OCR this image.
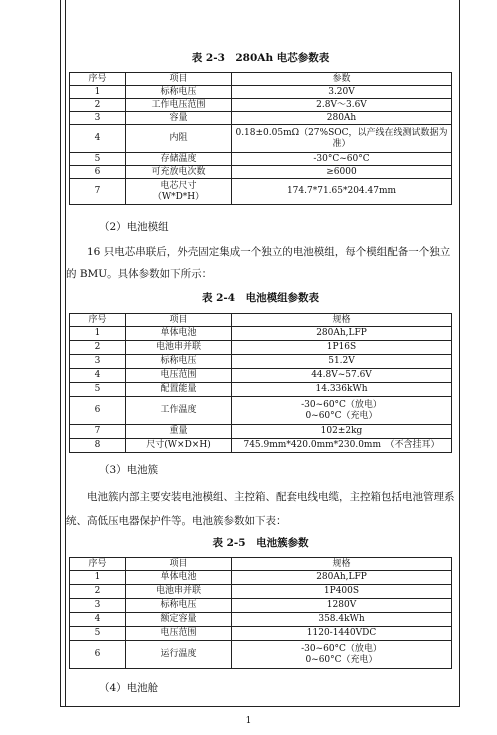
表 2-3　280Ah 电芯参数表
序号	项目	参数
1	标称电压	3.20V
2	工作电压范围	2.8V～3.6V
3	容量	280Ah
4	内阻	0.18±0.05mΩ（27%SOC，以产线在线测试数据为准）
5	存储温度	-30°C~60°C
6	可充放电次数	≥6000
7	电芯尺寸（W*D*H）	174.7*71.65*204.47mm
（2）电池模组
16 只电芯串联后，外壳固定集成一个独立的电池模组，每个模组配备一个独立的 BMU。具体参数如下所示：
表 2-4　电池模组参数表
序号	项目	规格
1	单体电池	280Ah,LFP
2	电池串并联	1P16S
3	标称电压	51.2V
4	电压范围	44.8V~57.6V
5	配置能量	14.336kWh
6	工作温度	-30~60°C（放电）
0~60°C（充电）

7	重量	102±2kg
8	尺寸(W×D×H)	745.9mm*420.0mm*230.0mm　（不含挂耳）
（3）电池簇
电池簇内部主要安装电池模组、主控箱、配套电线电缆，主控箱包括电池管理系统、高低压电器保护件等。电池簇参数如下表：
表 2-5　电池簇参数
序号	项目	规格
1	单体电池	280Ah,LFP
2	电池串并联	1P400S
3	标称电压	1280V
4	额定容量	358.4kWh
5	电压范围	1120-1440VDC
6	运行温度	-30~60°C（放电）
0~60°C（充电）
（4）电池舱
1
